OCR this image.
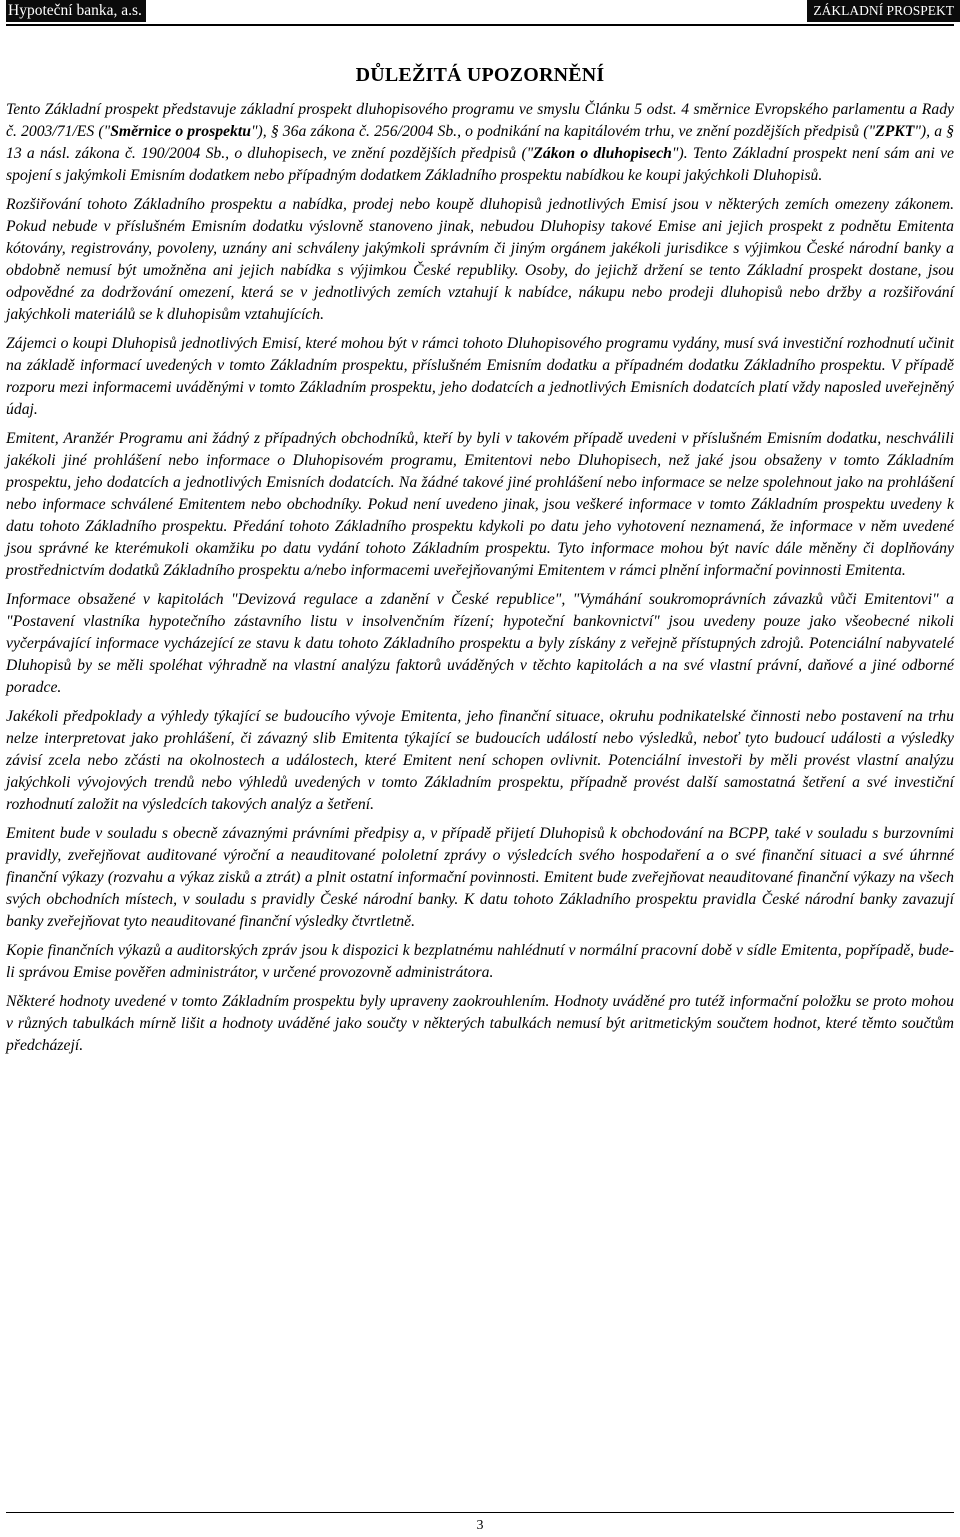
Hypoteční banka, a.s.	ZÁKLADNÍ PROSPEKT
DŮLEŽITÁ UPOZORNĚNÍ

Tento Základní prospekt představuje základní prospekt dluhopisového programu ve smyslu Článku 5 odst. 4 směrnice Evropského parlamentu a Rady č. 2003/71/ES ("Směrnice o prospektu"), § 36a zákona č. 256/2004 Sb., o podnikání na kapitálovém trhu, ve znění pozdějších předpisů ("ZPKT"), a § 13 a násl. zákona č. 190/2004 Sb., o dluhopisech, ve znění pozdějších předpisů ("Zákon o dluhopisech"). Tento Základní prospekt není sám ani ve spojení s jakýmkoli Emisním dodatkem nebo případným dodatkem Základního prospektu nabídkou ke koupi jakýchkoli Dluhopisů.

Rozšiřování tohoto Základního prospektu a nabídka, prodej nebo koupě dluhopisů jednotlivých Emisí jsou v některých zemích omezeny zákonem. Pokud nebude v příslušném Emisním dodatku výslovně stanoveno jinak, nebudou Dluhopisy takové Emise ani jejich prospekt z podnětu Emitenta kótovány, registrovány, povoleny, uznány ani schváleny jakýmkoli správním či jiným orgánem jakékoli jurisdikce s výjimkou České národní banky a obdobně nemusí být umožněna ani jejich nabídka s výjimkou České republiky. Osoby, do jejichž držení se tento Základní prospekt dostane, jsou odpovědné za dodržování omezení, která se v jednotlivých zemích vztahují k nabídce, nákupu nebo prodeji dluhopisů nebo držby a rozšiřování jakýchkoli materiálů se k dluhopisům vztahujících.

Zájemci o koupi Dluhopisů jednotlivých Emisí, které mohou být v rámci tohoto Dluhopisového programu vydány, musí svá investiční rozhodnutí učinit na základě informací uvedených v tomto Základním prospektu, příslušném Emisním dodatku a případném dodatku Základního prospektu. V případě rozporu mezi informacemi uváděnými v tomto Základním prospektu, jeho dodatcích a jednotlivých Emisních dodatcích platí vždy naposled uveřejněný údaj.

Emitent, Aranžér Programu ani žádný z případných obchodníků, kteří by byli v takovém případě uvedeni v příslušném Emisním dodatku, neschválili jakékoli jiné prohlášení nebo informace o Dluhopisovém programu, Emitentovi nebo Dluhopisech, než jaké jsou obsaženy v tomto Základním prospektu, jeho dodatcích a jednotlivých Emisních dodatcích. Na žádné takové jiné prohlášení nebo informace se nelze spolehnout jako na prohlášení nebo informace schválené Emitentem nebo obchodníky. Pokud není uvedeno jinak, jsou veškeré informace v tomto Základním prospektu uvedeny k datu tohoto Základního prospektu. Předání tohoto Základního prospektu kdykoli po datu jeho vyhotovení neznamená, že informace v něm uvedené jsou správné ke kterémukoli okamžiku po datu vydání tohoto Základním prospektu. Tyto informace mohou být navíc dále měněny či doplňovány prostřednictvím dodatků Základního prospektu a/nebo informacemi uveřejňovanými Emitentem v rámci plnění informační povinnosti Emitenta.

Informace obsažené v kapitolách "Devizová regulace a zdanění v České republice", "Vymáhání soukromoprávních závazků vůči Emitentovi" a "Postavení vlastníka hypotečního zástavního listu v insolvenčním řízení; hypoteční bankovnictví" jsou uvedeny pouze jako všeobecné nikoli vyčerpávající informace vycházející ze stavu k datu tohoto Základního prospektu a byly získány z veřejně přístupných zdrojů. Potenciální nabyvatelé Dluhopisů by se měli spoléhat výhradně na vlastní analýzu faktorů uváděných v těchto kapitolách a na své vlastní právní, daňové a jiné odborné poradce.

Jakékoli předpoklady a výhledy týkající se budoucího vývoje Emitenta, jeho finanční situace, okruhu podnikatelské činnosti nebo postavení na trhu nelze interpretovat jako prohlášení, či závazný slib Emitenta týkající se budoucích událostí nebo výsledků, neboť tyto budoucí události a výsledky závisí zcela nebo zčásti na okolnostech a událostech, které Emitent není schopen ovlivnit. Potenciální investoři by měli provést vlastní analýzu jakýchkoli vývojových trendů nebo výhledů uvedených v tomto Základním prospektu, případně provést další samostatná šetření a své investiční rozhodnutí založit na výsledcích takových analýz a šetření.

Emitent bude v souladu s obecně závaznými právními předpisy a, v případě přijetí Dluhopisů k obchodování na BCPP, také v souladu s burzovními pravidly, zveřejňovat auditované výroční a neauditované pololetní zprávy o výsledcích svého hospodaření a o své finanční situaci a své úhrnné finanční výkazy (rozvahu a výkaz zisků a ztrát) a plnit ostatní informační povinnosti. Emitent bude zveřejňovat neauditované finanční výkazy na všech svých obchodních místech, v souladu s pravidly České národní banky. K datu tohoto Základního prospektu pravidla České národní banky zavazují banky zveřejňovat tyto neauditované finanční výsledky čtvrtletně.

Kopie finančních výkazů a auditorských zpráv jsou k dispozici k bezplatnému nahlédnutí v normální pracovní době v sídle Emitenta, popřípadě, bude-li správou Emise pověřen administrátor, v určené provozovně administrátora.

Některé hodnoty uvedené v tomto Základním prospektu byly upraveny zaokrouhlením. Hodnoty uváděné pro tutéž informační položku se proto mohou v různých tabulkách mírně lišit a hodnoty uváděné jako součty v některých tabulkách nemusí být aritmetickým součtem hodnot, které těmto součtům předcházejí.

3
